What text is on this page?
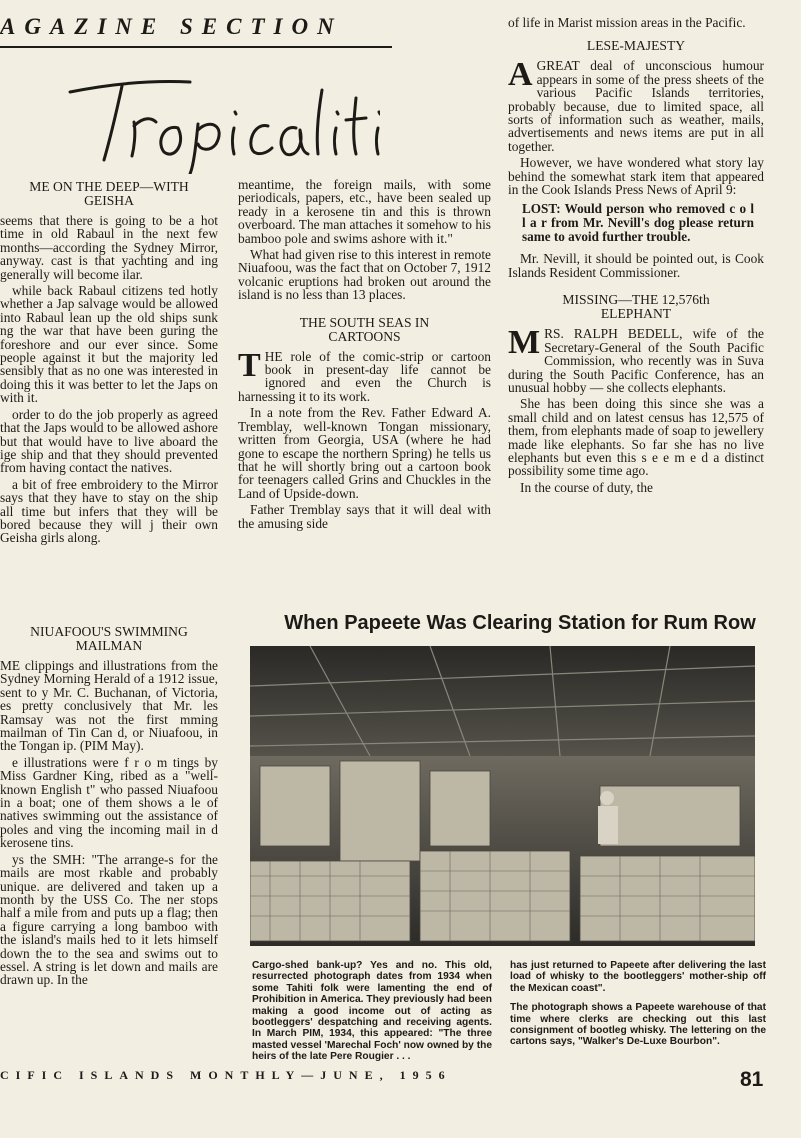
AGAZINE SECTION
ME ON THE DEEP—WITH
GEISHA

seems that there is going to be a hot time in old Rabaul in the next few months—according the Sydney Mirror, anyway. cast is that yachting and ing generally will become ilar.

while back Rabaul citizens ted hotly whether a Jap salvage would be allowed into Rabaul lean up the old ships sunk ng the war that have been guring the foreshore and our ever since. Some people against it but the majority led sensibly that as no one was interested in doing this it was better to let the Japs on with it.

order to do the job properly as agreed that the Japs would to be allowed ashore but that would have to live aboard the ige ship and that they should prevented from having contact the natives.

a bit of free embroidery to the Mirror says that they have to stay on the ship all time but infers that they will be bored because they will j their own Geisha girls along.

NIUAFOOU'S SWIMMING
MAILMAN

ME clippings and illustrations from the Sydney Morning Herald of a 1912 issue, sent to y Mr. C. Buchanan, of Victoria, es pretty conclusively that Mr. les Ramsay was not the first mming mailman of Tin Can d, or Niuafoou, in the Tongan ip. (PIM May).

e illustrations were f r o m tings by Miss Gardner King, ribed as a "well-known English t" who passed Niuafoou in a boat; one of them shows a le of natives swimming out the assistance of poles and ving the incoming mail in d kerosene tins.

ys the SMH: "The arrange-s for the mails are most rkable and probably unique. are delivered and taken up a month by the USS Co. The ner stops half a mile from and puts up a flag; then a figure carrying a long bamboo with the island's mails hed to it lets himself down the to the sea and swims out to essel. A string is let down and mails are drawn up. In the

meantime, the foreign mails, with some periodicals, papers, etc., have been sealed up ready in a kerosene tin and this is thrown overboard. The man attaches it somehow to his bamboo pole and swims ashore with it."

What had given rise to this interest in remote Niuafoou, was the fact that on October 7, 1912 volcanic eruptions had broken out around the island is no less than 13 places.

THE SOUTH SEAS IN
CARTOONS

THE role of the comic-strip or cartoon book in present-day life cannot be ignored and even the Church is harnessing it to its work.

In a note from the Rev. Father Edward A. Tremblay, well-known Tongan missionary, written from Georgia, USA (where he had gone to escape the northern Spring) he tells us that he will shortly bring out a cartoon book for teenagers called Grins and Chuckles in the Land of Upside-down.

Father Tremblay says that it will deal with the amusing side

of life in Marist mission areas in the Pacific.

LESE-MAJESTY

AGREAT deal of unconscious humour appears in some of the press sheets of the various Pacific Islands territories, probably because, due to limited space, all sorts of information such as weather, mails, advertisements and news items are put in all together.

However, we have wondered what story lay behind the somewhat stark item that appeared in the Cook Islands Press News of April 9:

LOST: Would person who removed c o l l a r from Mr. Nevill's dog please return same to avoid further trouble.

Mr. Nevill, it should be pointed out, is Cook Islands Resident Commissioner.

MISSING—THE 12,576th
ELEPHANT

MRS. RALPH BEDELL, wife of the Secretary-General of the South Pacific Commission, who recently was in Suva during the South Pacific Conference, has an unusual hobby — she collects elephants.

She has been doing this since she was a small child and on latest census has 12,575 of them, from elephants made of soap to jewellery made like elephants. So far she has no live elephants but even this s e e m e d a distinct possibility some time ago.

In the course of duty, the

When Papeete Was Clearing Station for Rum Row
Cargo-shed bank-up? Yes and no. This old, resurrected photograph dates from 1934 when some Tahiti folk were lamenting the end of Prohibition in America. They previously had been making a good income out of acting as bootleggers' despatching and receiving agents. In March PIM, 1934, this appeared: "The three masted vessel 'Marechal Foch' now owned by the heirs of the late Pere Rougier . . .

has just returned to Papeete after delivering the last load of whisky to the bootleggers' mother-ship off the Mexican coast".

The photograph shows a Papeete warehouse of that time where clerks are checking out this last consignment of bootleg whisky. The lettering on the cartons says, "Walker's De-Luxe Bourbon".

CIFIC ISLANDS MONTHLY—JUNE, 1956	81
